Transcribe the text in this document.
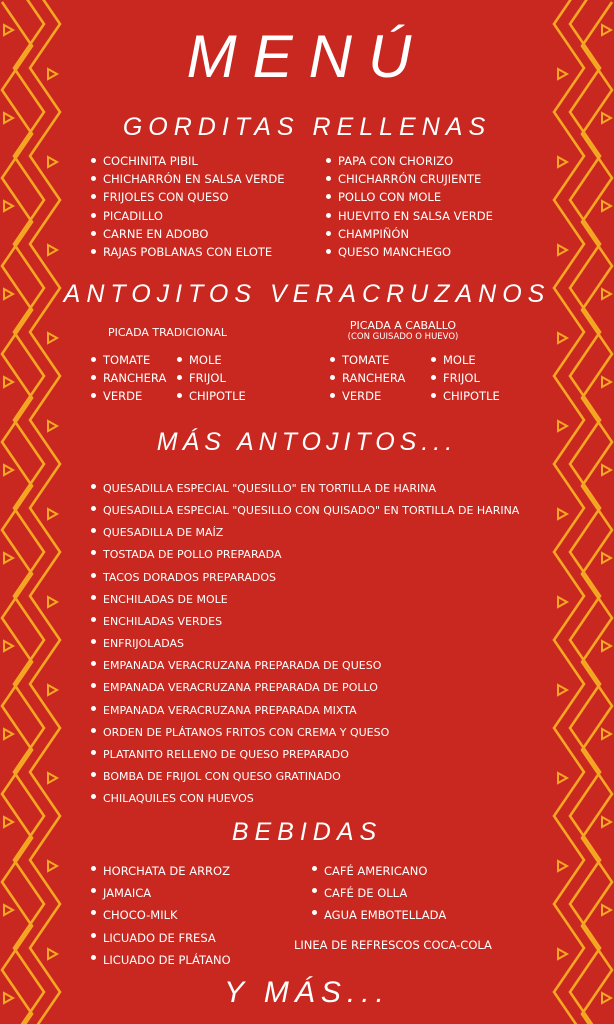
MENÚ
GORDITAS RELLENAS
COCHINITA PIBIL
CHICHARRÓN EN SALSA VERDE
FRIJOLES CON QUESO
PICADILLO
CARNE EN ADOBO
RAJAS POBLANAS CON ELOTE
PAPA CON CHORIZO
CHICHARRÓN CRUJIENTE
POLLO CON MOLE
HUEVITO EN SALSA VERDE
CHAMPIÑÓN
QUESO MANCHEGO
ANTOJITOS VERACRUZANOS
PICADA TRADICIONAL
PICADA A CABALLO
(CON GUISADO O HUEVO)
TOMATE
RANCHERA
VERDE
MOLE
FRIJOL
CHIPOTLE
TOMATE
RANCHERA
VERDE
MOLE
FRIJOL
CHIPOTLE
MÁS ANTOJITOS...
QUESADILLA ESPECIAL "QUESILLO" EN TORTILLA DE HARINA
QUESADILLA ESPECIAL "QUESILLO CON QUISADO" EN TORTILLA DE HARINA
QUESADILLA DE MAÍZ
TOSTADA DE POLLO PREPARADA
TACOS DORADOS PREPARADOS
ENCHILADAS DE MOLE
ENCHILADAS VERDES
ENFRIJOLADAS
EMPANADA VERACRUZANA PREPARADA DE QUESO
EMPANADA VERACRUZANA PREPARADA DE POLLO
EMPANADA VERACRUZANA PREPARADA MIXTA
ORDEN DE PLÁTANOS FRITOS CON CREMA Y QUESO
PLATANITO RELLENO DE QUESO PREPARADO
BOMBA DE FRIJOL CON QUESO GRATINADO
CHILAQUILES CON HUEVOS
BEBIDAS
HORCHATA DE ARROZ
JAMAICA
CHOCO-MILK
LICUADO DE FRESA
LICUADO DE PLÁTANO
CAFÉ AMERICANO
CAFÉ DE OLLA
AGUA EMBOTELLADA
LINEA DE REFRESCOS COCA-COLA
Y MÁS...
